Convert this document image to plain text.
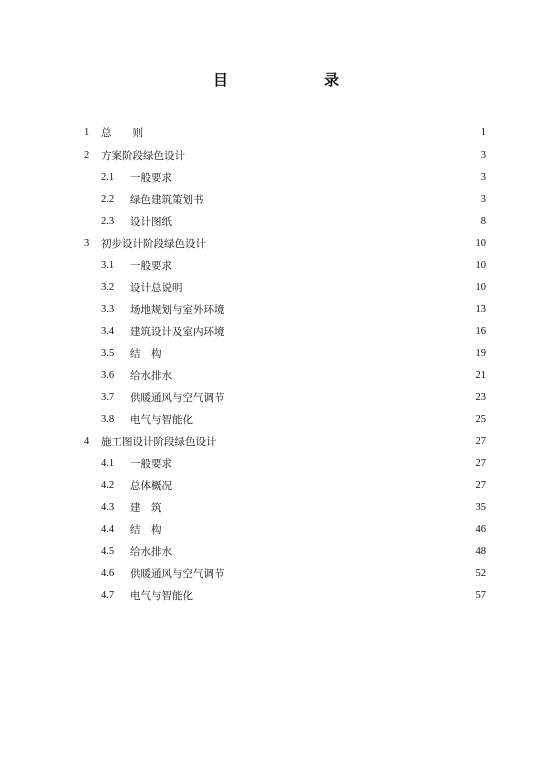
目　　录
1 总　　则	1
2 方案阶段绿色设计	3
2.1 一般要求	3
2.2 绿色建筑策划书	3
2.3 设计图纸	8
3 初步设计阶段绿色设计	10
3.1 一般要求	10
3.2 设计总说明	10
3.3 场地规划与室外环境	13
3.4 建筑设计及室内环境	16
3.5 结　构	19
3.6 给水排水	21
3.7 供暖通风与空气调节	23
3.8 电气与智能化	25
4 施工图设计阶段绿色设计	27
4.1 一般要求	27
4.2 总体概况	27
4.3 建　筑	35
4.4 结　构	46
4.5 给水排水	48
4.6 供暖通风与空气调节	52
4.7 电气与智能化	57
